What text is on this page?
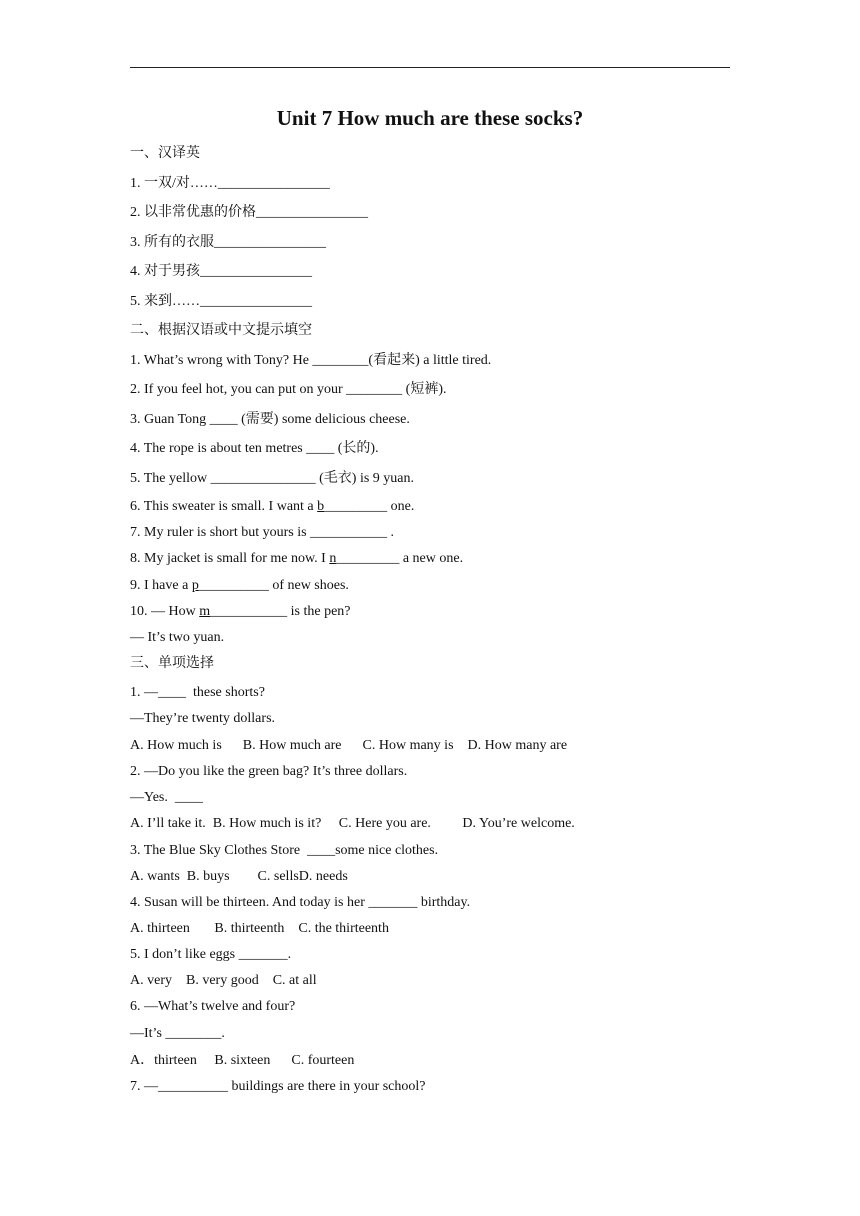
Unit 7 How much are these socks?
一、汉译英
1. 一双/对……________________
2. 以非常优惠的价格________________
3. 所有的衣服________________
4. 对于男孩________________
5. 来到……________________
二、根据汉语或中文提示填空
1. What’s wrong with Tony? He ________(看起来) a little tired.
2. If you feel hot, you can put on your ________ (短裤).
3. Guan Tong ____ (需要) some delicious cheese.
4. The rope is about ten metres ____ (长的).
5. The yellow _______________ (毛衣) is 9 yuan.
6. This sweater is small. I want a b_________ one.
7. My ruler is short but yours is ___________ .
8. My jacket is small for me now. I n_________ a new one.
9. I have a p__________ of new shoes.
10. — How m___________ is the pen?
— It’s two yuan.
三、单项选择
1. —____  these shorts?
—They’re twenty dollars.
A. How much is      B. How much are      C. How many is    D. How many are
2. —Do you like the green bag? It’s three dollars.
—Yes.  ____
A. I’ll take it.  B. How much is it?     C. Here you are.         D. You’re welcome.
3. The Blue Sky Clothes Store  ____some nice clothes.
A. wants  B. buys        C. sellsD. needs
4. Susan will be thirteen. And today is her _______ birthday.
A. thirteen       B. thirteenth    C. the thirteenth
5. I don’t like eggs _______.
A. very    B. very good    C. at all
6. —What’s twelve and four?
—It’s ________.
A．thirteen     B. sixteen      C. fourteen
7. —__________ buildings are there in your school?
